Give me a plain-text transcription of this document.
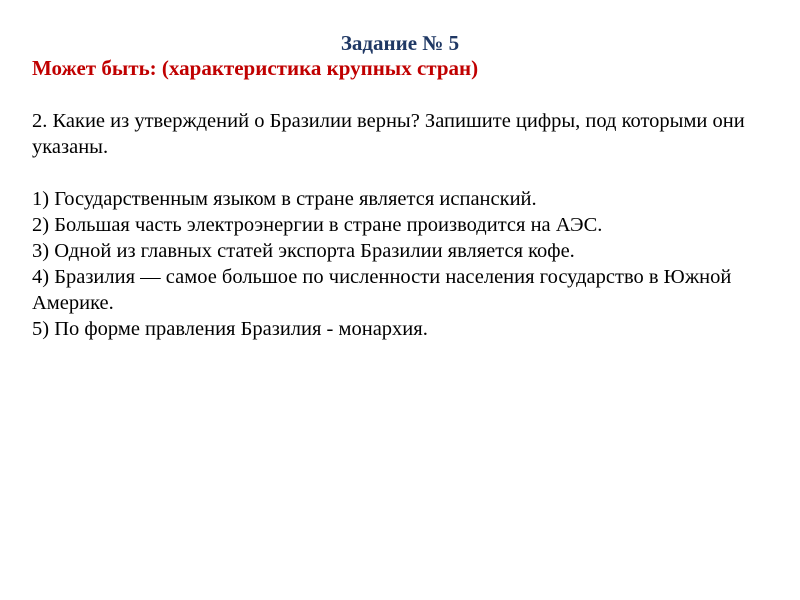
Задание № 5
Может быть: (характеристика крупных стран)
2. Какие из утверждений о Бразилии верны? Запишите цифры, под которыми они указаны.
1) Государственным языком в стране является испанский.
2) Большая часть электроэнергии в стране производится на АЭС.
3) Одной из главных статей экспорта Бразилии является кофе.
4) Бразилия — самое большое по численности населения государство в Южной Америке.
5) По форме правления Бразилия - монархия.
